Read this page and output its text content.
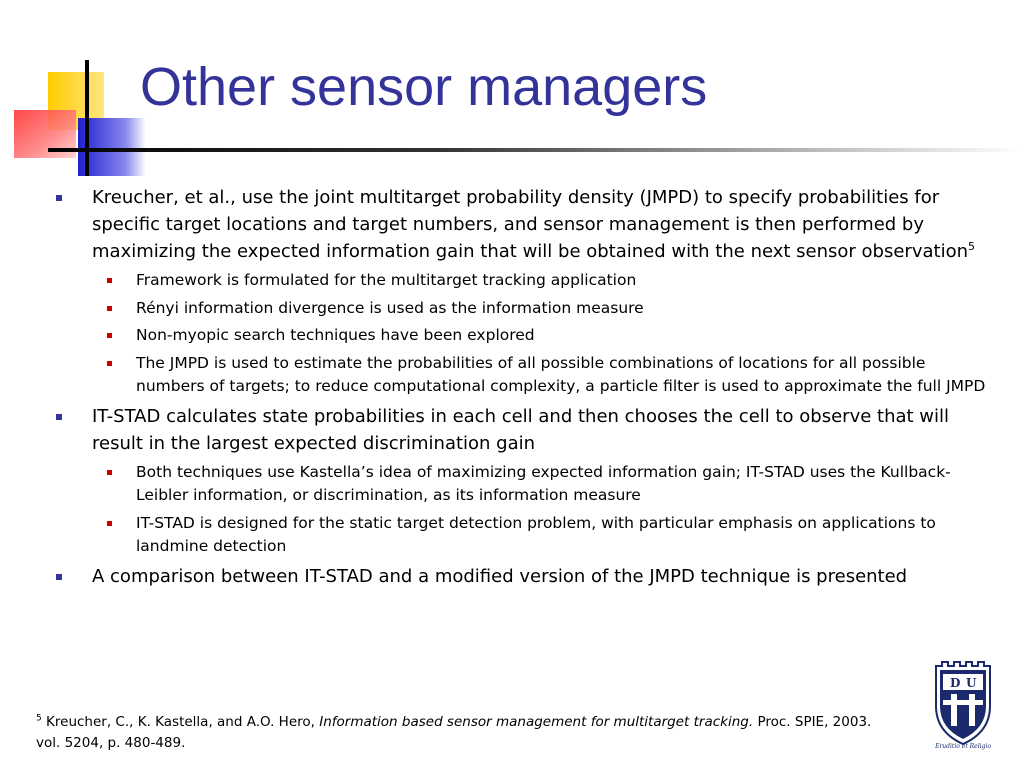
Other sensor managers
Kreucher, et al., use the joint multitarget probability density (JMPD) to specify probabilities for specific target locations and target numbers, and sensor management is then performed by maximizing the expected information gain that will be obtained with the next sensor observation$^5$
Framework is formulated for the multitarget tracking application
Rényi information divergence is used as the information measure
Non-myopic search techniques have been explored
The JMPD is used to estimate the probabilities of all possible combinations of locations for all possible numbers of targets; to reduce computational complexity, a particle filter is used to approximate the full JMPD
IT-STAD calculates state probabilities in each cell and then chooses the cell to observe that will result in the largest expected discrimination gain
Both techniques use Kastella’s idea of maximizing expected information gain; IT-STAD uses the Kullback-Leibler information, or discrimination, as its information measure
IT-STAD is designed for the static target detection problem, with particular emphasis on applications to landmine detection
A comparison between IT-STAD and a modified version of the JMPD technique is presented
$^5$ Kreucher, C., K. Kastella, and A.O. Hero, Information based sensor management for multitarget tracking. Proc. SPIE, 2003. vol. 5204, p. 480-489.
D U
Eruditio et Religio
